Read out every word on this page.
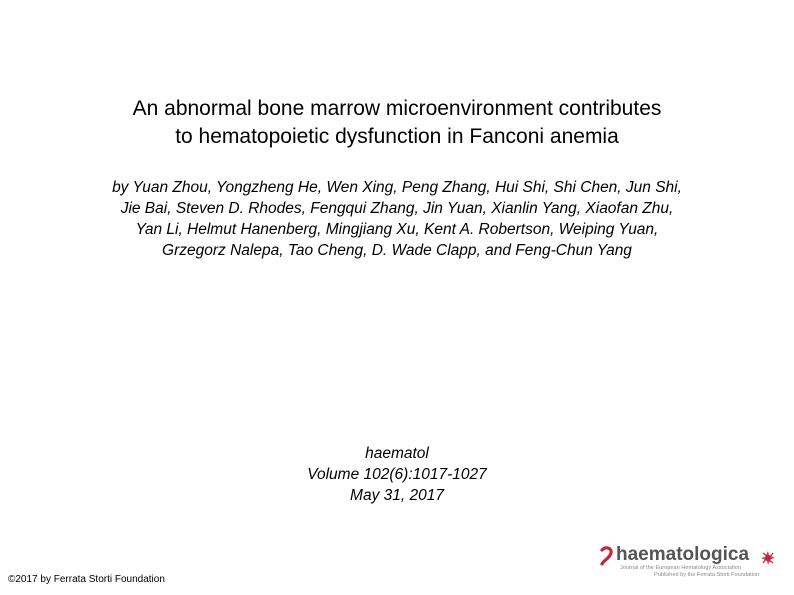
An abnormal bone marrow microenvironment contributes
to hematopoietic dysfunction in Fanconi anemia
by Yuan Zhou, Yongzheng He, Wen Xing, Peng Zhang, Hui Shi, Shi Chen, Jun Shi,
Jie Bai, Steven D. Rhodes, Fengqui Zhang, Jin Yuan, Xianlin Yang, Xiaofan Zhu,
Yan Li, Helmut Hanenberg, Mingjiang Xu, Kent A. Robertson, Weiping Yuan,
Grzegorz Nalepa, Tao Cheng, D. Wade Clapp, and Feng-Chun Yang
haematol
Volume 102(6):1017-1027
May 31, 2017
©2017 by Ferrata Storti Foundation
haematologica
Journal of the European Hematology Association
Published by the Ferrata Storti Foundation
